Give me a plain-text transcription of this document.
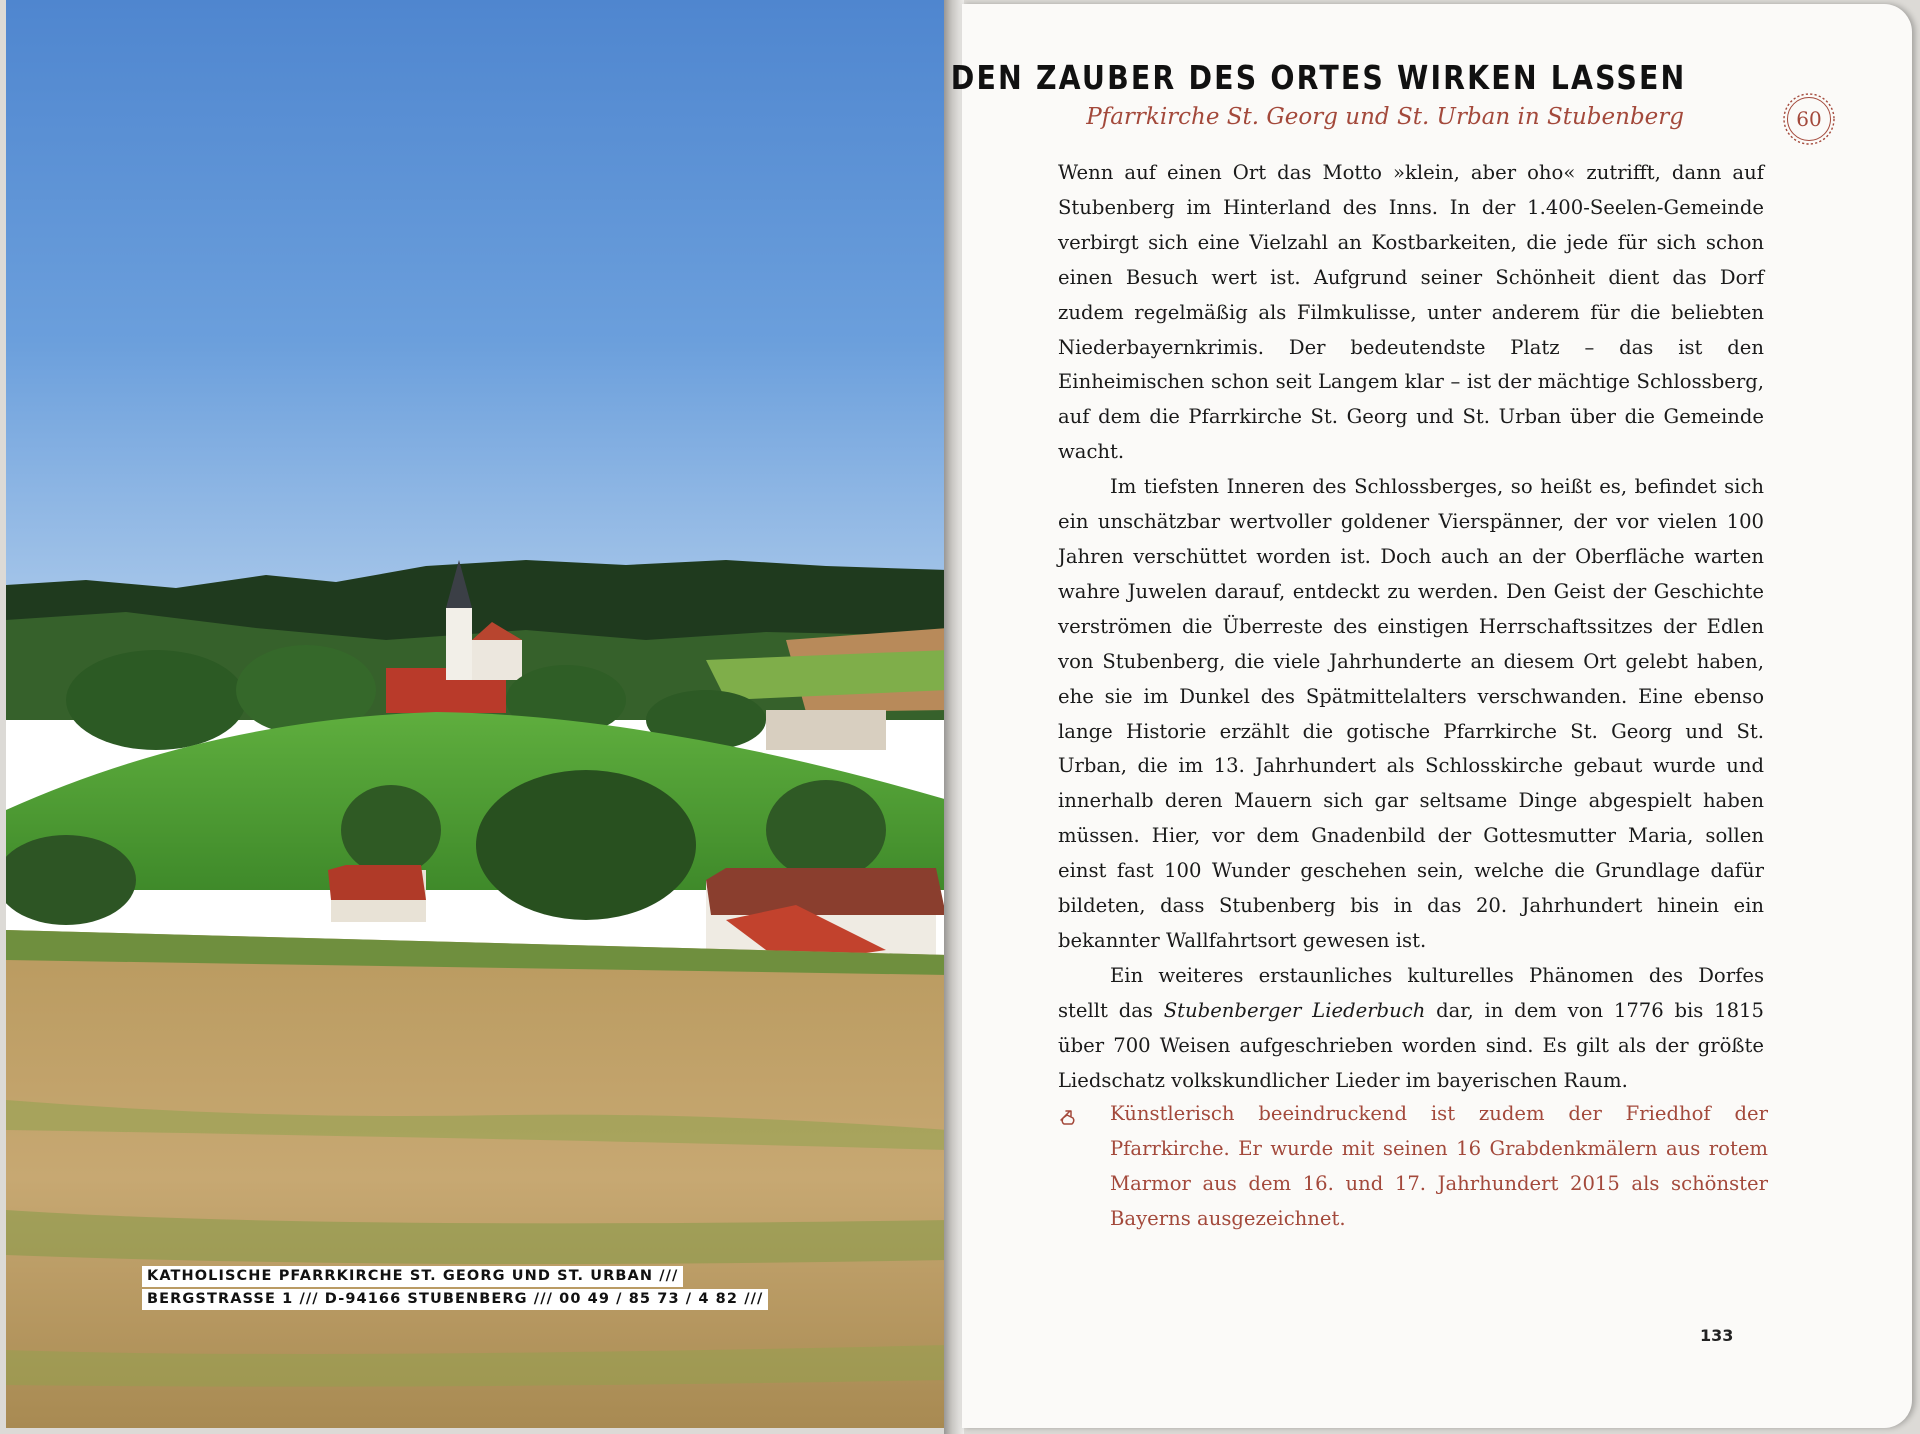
KATHOLISCHE PFARRKIRCHE ST. GEORG UND ST. URBAN ///
BERGSTRASSE 1 /// D-94166 STUBENBERG /// 00 49 / 85 73 / 4 82 ///
DEN ZAUBER DES ORTES WIRKEN LASSEN
Pfarrkirche St. Georg und St. Urban in Stubenberg	60

Wenn auf einen Ort das Motto »klein, aber oho« zutrifft, dann auf Stubenberg im Hinterland des Inns. In der 1.400-Seelen-Gemeinde verbirgt sich eine Vielzahl an Kostbarkeiten, die jede für sich schon einen Besuch wert ist. Aufgrund seiner Schönheit dient das Dorf zudem regelmäßig als Filmkulisse, unter anderem für die beliebten Niederbayernkrimis. Der bedeutendste Platz – das ist den Einheimischen schon seit Langem klar – ist der mächtige Schlossberg, auf dem die Pfarrkirche St. Georg und St. Urban über die Gemeinde wacht.

Im tiefsten Inneren des Schlossberges, so heißt es, befindet sich ein unschätzbar wertvoller goldener Vierspänner, der vor vielen 100 Jahren verschüttet worden ist. Doch auch an der Oberfläche warten wahre Juwelen darauf, entdeckt zu werden. Den Geist der Geschichte verströmen die Überreste des einstigen Herrschaftssitzes der Edlen von Stubenberg, die viele Jahrhunderte an diesem Ort gelebt haben, ehe sie im Dunkel des Spätmittelalters verschwanden. Eine ebenso lange Historie erzählt die gotische Pfarrkirche St. Georg und St. Urban, die im 13. Jahrhundert als Schlosskirche gebaut wurde und innerhalb deren Mauern sich gar seltsame Dinge abgespielt haben müssen. Hier, vor dem Gnadenbild der Gottesmutter Maria, sollen einst fast 100 Wunder geschehen sein, welche die Grundlage dafür bildeten, dass Stubenberg bis in das 20. Jahrhundert hinein ein bekannter Wallfahrtsort gewesen ist.

Ein weiteres erstaunliches kulturelles Phänomen des Dorfes stellt das Stubenberger Liederbuch dar, in dem von 1776 bis 1815 über 700 Weisen aufgeschrieben worden sind. Es gilt als der größte Liedschatz volkskundlicher Lieder im bayerischen Raum.

Künstlerisch beeindruckend ist zudem der Friedhof der Pfarrkirche. Er wurde mit seinen 16 Grabdenkmälern aus rotem Marmor aus dem 16. und 17. Jahrhundert 2015 als schönster Bayerns ausgezeichnet.
133
